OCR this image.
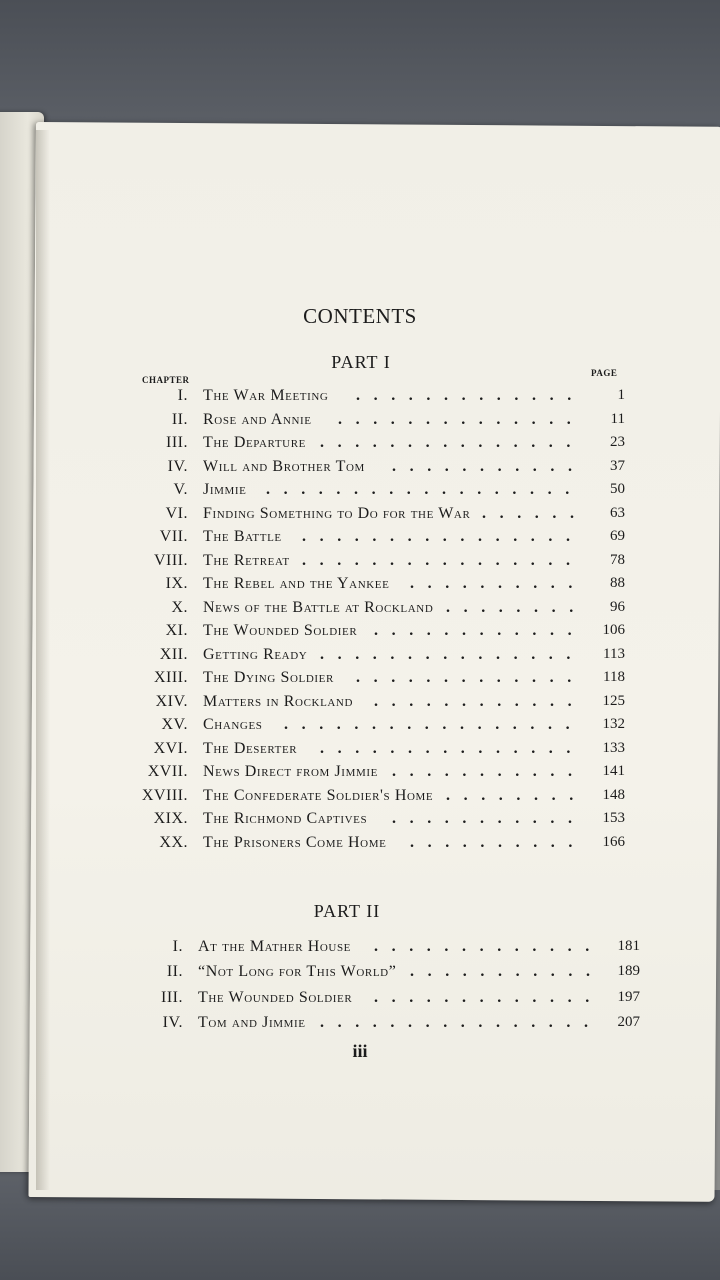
CONTENTS
PART I
CHAPTER
PAGE
I. The War Meeting .............	1
II. Rose and Annie ..............	11
III. The Departure ...............	23
IV. Will and Brother Tom ...........	37
V. Jimmie ..................	50
VI. Finding Something to Do for the War ......	63
VII. The Battle ................	69
VIII. The Retreat ................	78
IX. The Rebel and the Yankee ..........	88
X. News of the Battle at Rockland ........	96
XI. The Wounded Soldier ............	106
XII. Getting Ready ...............	113
XIII. The Dying Soldier .............	118
XIV. Matters in Rockland ............	125
XV. Changes .................	132
XVI. The Deserter ...............	133
XVII. News Direct from Jimmie ...........	141
XVIII. The Confederate Soldier's Home ........	148
XIX. The Richmond Captives ...........	153
XX. The Prisoners Come Home ..........	166
PART II
I. At the Mather House ............. 181
II. “Not Long for This World” ........... 189
III. The Wounded Soldier ............. 197
IV. Tom and Jimmie ................	207
iii
